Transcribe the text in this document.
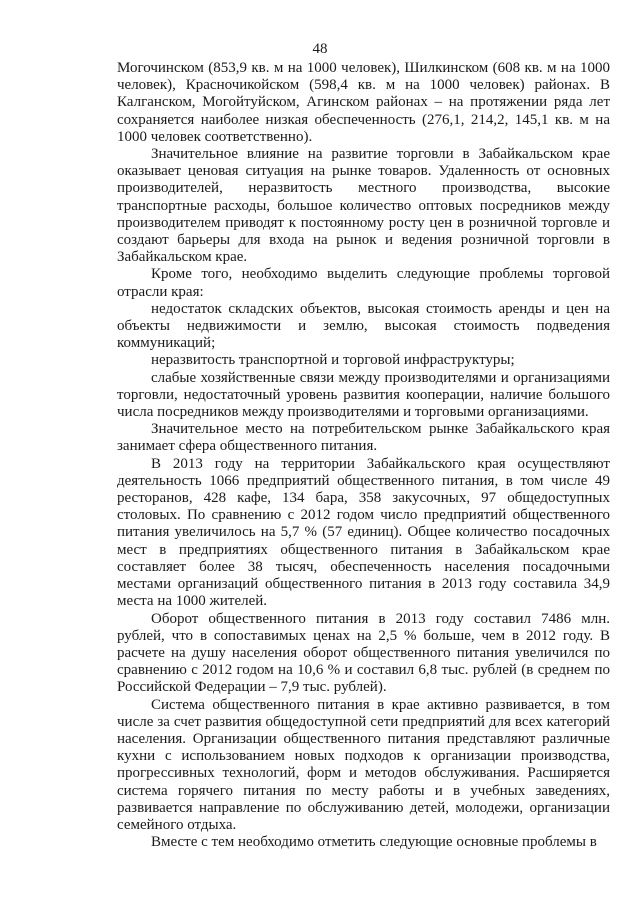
48

Могочинском (853,9 кв. м на 1000 человек), Шилкинском (608 кв. м на 1000 человек), Красночикойском (598,4 кв. м на 1000 человек) районах. В Калганском, Могойтуйском, Агинском районах – на протяжении ряда лет сохраняется наиболее низкая обеспеченность (276,1, 214,2, 145,1 кв. м на 1000 человек соответственно).

Значительное влияние на развитие торговли в Забайкальском крае оказывает ценовая ситуация на рынке товаров. Удаленность от основных производителей, неразвитость местного производства, высокие транспортные расходы, большое количество оптовых посредников между производителем приводят к постоянному росту цен в розничной торговле и создают барьеры для входа на рынок и ведения розничной торговли в Забайкальском крае.

Кроме того, необходимо выделить следующие проблемы торговой отрасли края:

недостаток складских объектов, высокая стоимость аренды и цен на объекты недвижимости и землю, высокая стоимость подведения коммуникаций;

неразвитость транспортной и торговой инфраструктуры;

слабые хозяйственные связи между производителями и организациями торговли, недостаточный уровень развития кооперации, наличие большого числа посредников между производителями и торговыми организациями.

Значительное место на потребительском рынке Забайкальского края занимает сфера общественного питания.

В 2013 году на территории Забайкальского края осуществляют деятельность 1066 предприятий общественного питания, в том числе 49 ресторанов, 428 кафе, 134 бара, 358 закусочных, 97 общедоступных столовых. По сравнению с 2012 годом число предприятий общественного питания увеличилось на 5,7 % (57 единиц). Общее количество посадочных мест в предприятиях общественного питания в Забайкальском крае составляет более 38 тысяч, обеспеченность населения посадочными местами организаций общественного питания в 2013 году составила 34,9 места на 1000 жителей.

Оборот общественного питания в 2013 году составил 7486 млн. рублей, что в сопоставимых ценах на 2,5 % больше, чем в 2012 году. В расчете на душу населения оборот общественного питания увеличился по сравнению с 2012 годом на 10,6 % и составил 6,8 тыс. рублей (в среднем по Российской Федерации – 7,9 тыс. рублей).

Система общественного питания в крае активно развивается, в том числе за счет развития общедоступной сети предприятий для всех категорий населения. Организации общественного питания представляют различные кухни с использованием новых подходов к организации производства, прогрессивных технологий, форм и методов обслуживания. Расширяется система горячего питания по месту работы и в учебных заведениях, развивается направление по обслуживанию детей, молодежи, организации семейного отдыха.

Вместе с тем необходимо отметить следующие основные проблемы в
